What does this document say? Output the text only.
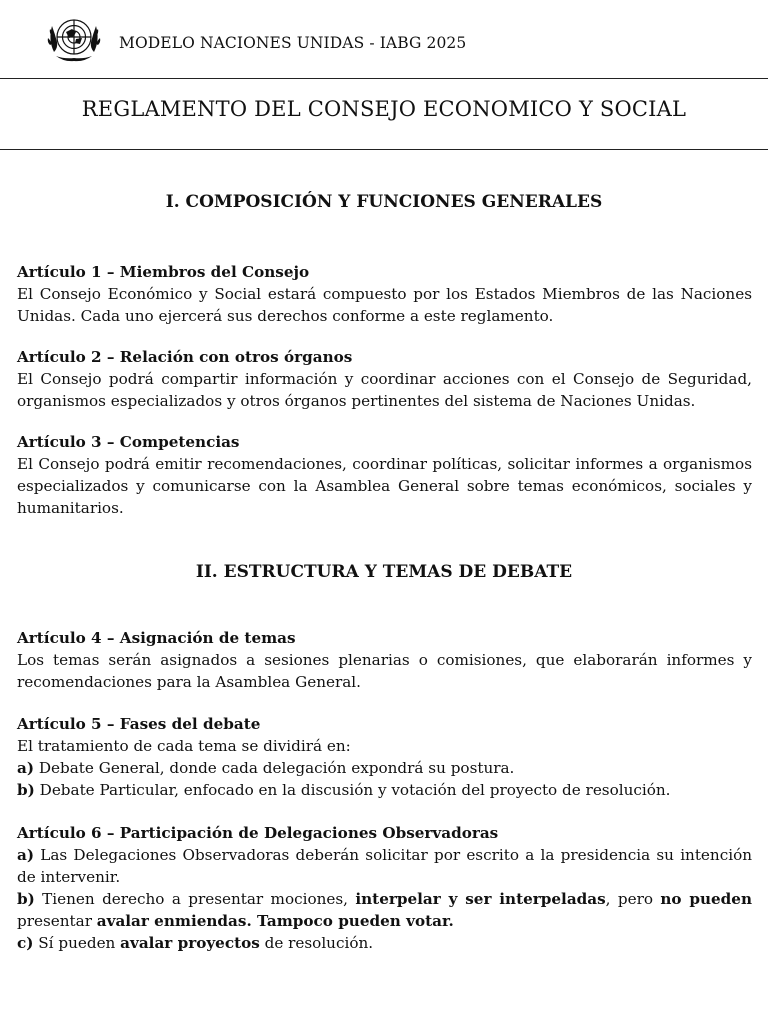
MODELO NACIONES UNIDAS - IABG 2025
REGLAMENTO DEL CONSEJO ECONOMICO Y SOCIAL
I. COMPOSICIÓN Y FUNCIONES GENERALES
Artículo 1 – Miembros del Consejo

El Consejo Económico y Social estará compuesto por los Estados Miembros de las Naciones Unidas. Cada uno ejercerá sus derechos conforme a este reglamento.

Artículo 2 – Relación con otros órganos

El Consejo podrá compartir información y coordinar acciones con el Consejo de Seguridad, organismos especializados y otros órganos pertinentes del sistema de Naciones Unidas.

Artículo 3 – Competencias

El Consejo podrá emitir recomendaciones, coordinar políticas, solicitar informes a organismos especializados y comunicarse con la Asamblea General sobre temas económicos, sociales y humanitarios.

II. ESTRUCTURA Y TEMAS DE DEBATE
Artículo 4 – Asignación de temas

Los temas serán asignados a sesiones plenarias o comisiones, que elaborarán informes y recomendaciones para la Asamblea General.

Artículo 5 – Fases del debate

El tratamiento de cada tema se dividirá en:

a) Debate General, donde cada delegación expondrá su postura.

b) Debate Particular, enfocado en la discusión y votación del proyecto de resolución.

Artículo 6 – Participación de Delegaciones Observadoras

a) Las Delegaciones Observadoras deberán solicitar por escrito a la presidencia su intención de intervenir.

b) Tienen derecho a presentar mociones, interpelar y ser interpeladas, pero no pueden presentar avalar enmiendas. Tampoco pueden votar.

c) Sí pueden avalar proyectos de resolución.
